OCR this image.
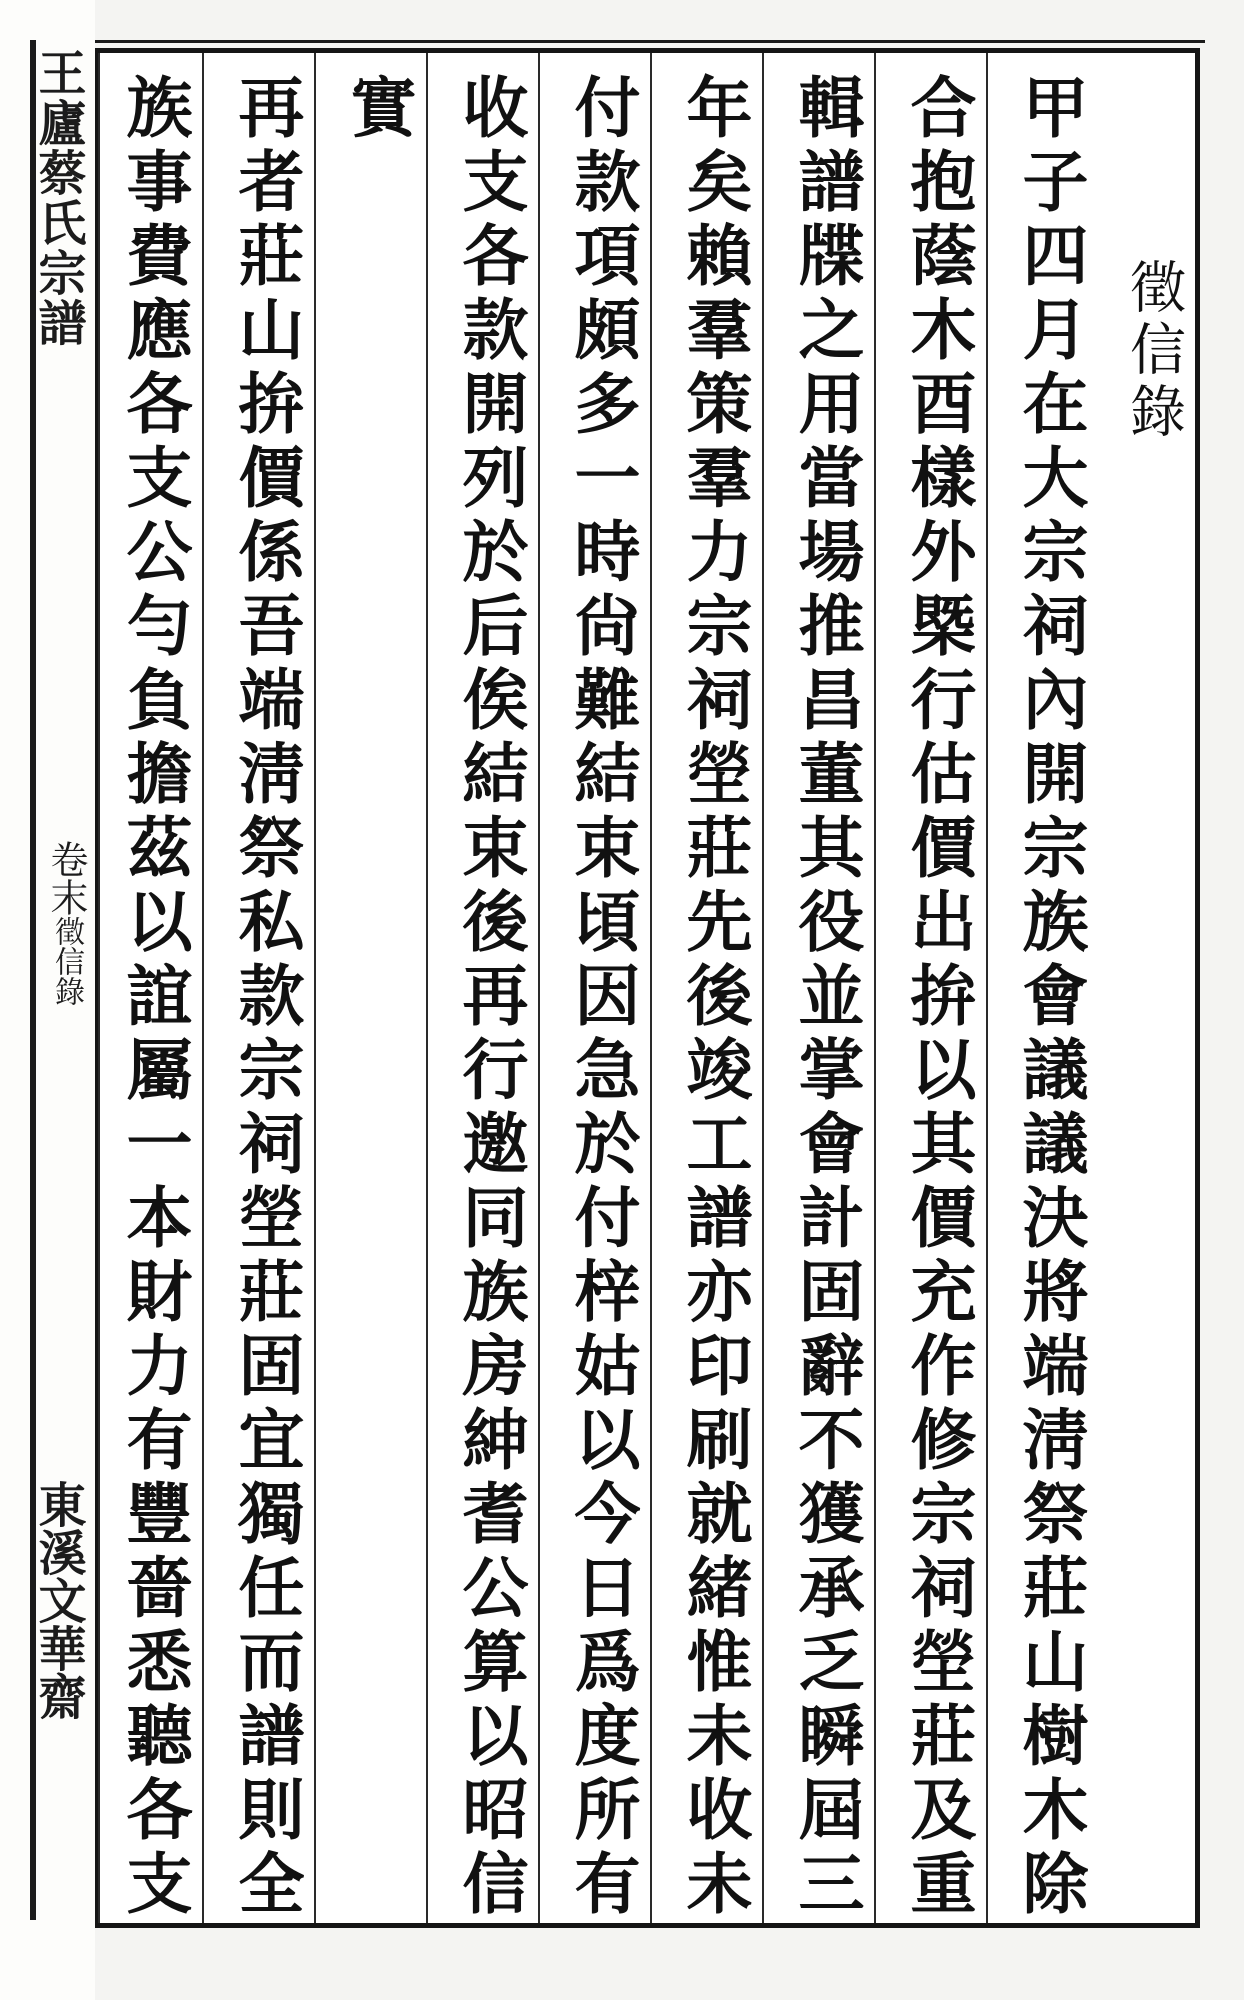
王廬蔡氏宗譜
卷末徵信錄
東溪文華齋
徵信錄
甲子四月在大宗祠內開宗族會議議決將端淸祭莊山樹木除
合抱蔭木酉樣外槩行估價出拚以其價充作修宗祠塋莊及重
輯譜牒之用當場推昌董其役並掌會計固辭不獲承乏瞬屆三
年矣賴羣策羣力宗祠塋莊先後竣工譜亦印刷就緒惟未收未
付款項頗多一時尙難結束頃因急於付梓姑以今日爲度所有
收支各款開列於后俟結束後再行邀同族房紳耆公算以昭信
實
再者莊山拚價係吾端淸祭私款宗祠塋莊固宜獨任而譜則全
族事費應各支公勻負擔茲以誼屬一本財力有豐嗇悉聽各支
